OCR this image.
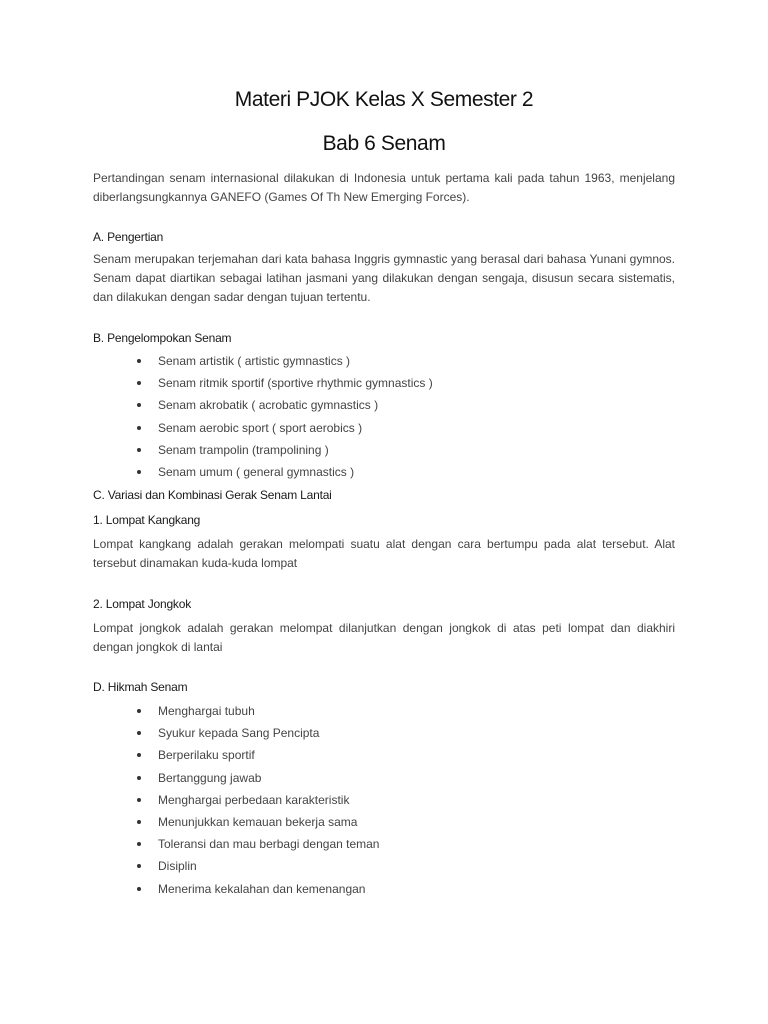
Materi PJOK Kelas X Semester 2
Bab 6 Senam
Pertandingan senam internasional dilakukan di Indonesia untuk pertama kali pada tahun 1963, menjelang diberlangsungkannya GANEFO (Games Of Th New Emerging Forces).
A. Pengertian
Senam merupakan terjemahan dari kata bahasa Inggris gymnastic yang berasal dari bahasa Yunani gymnos. Senam dapat diartikan sebagai latihan jasmani yang dilakukan dengan sengaja, disusun secara sistematis, dan dilakukan dengan sadar dengan tujuan tertentu.
B. Pengelompokan Senam
Senam artistik ( artistic gymnastics )
Senam ritmik sportif (sportive rhythmic gymnastics )
Senam akrobatik ( acrobatic gymnastics )
Senam aerobic sport ( sport aerobics )
Senam trampolin (trampolining )
Senam umum ( general gymnastics )
C. Variasi dan Kombinasi Gerak Senam Lantai
1. Lompat Kangkang
Lompat kangkang adalah gerakan melompati suatu alat dengan cara bertumpu pada alat tersebut. Alat tersebut dinamakan kuda-kuda lompat
2. Lompat Jongkok
Lompat jongkok adalah gerakan melompat dilanjutkan dengan jongkok di atas peti lompat dan diakhiri dengan jongkok di lantai
D. Hikmah Senam
Menghargai tubuh
Syukur kepada Sang Pencipta
Berperilaku sportif
Bertanggung jawab
Menghargai perbedaan karakteristik
Menunjukkan kemauan bekerja sama
Toleransi dan mau berbagi dengan teman
Disiplin
Menerima kekalahan dan kemenangan
